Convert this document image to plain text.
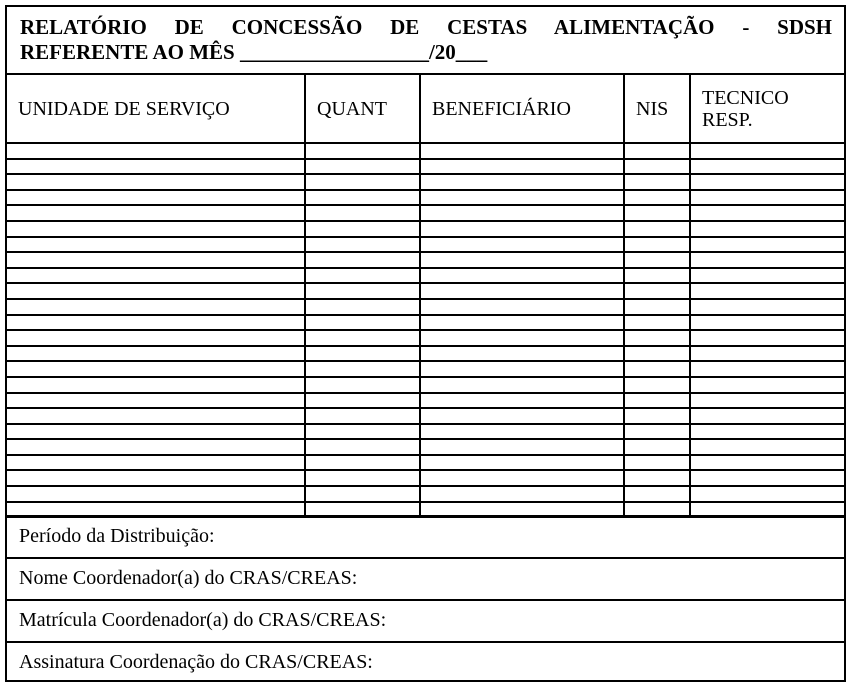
RELATÓRIO DE CONCESSÃO DE CESTAS ALIMENTAÇÃO - SDSH
REFERENTE AO MÊS __________________/20___
UNIDADE DE SERVIÇO	QUANT	BENEFICIÁRIO	NIS	TECNICO RESP.

Período da Distribuição:
Nome Coordenador(a) do CRAS/CREAS:
Matrícula Coordenador(a) do CRAS/CREAS:
Assinatura Coordenação do CRAS/CREAS:
